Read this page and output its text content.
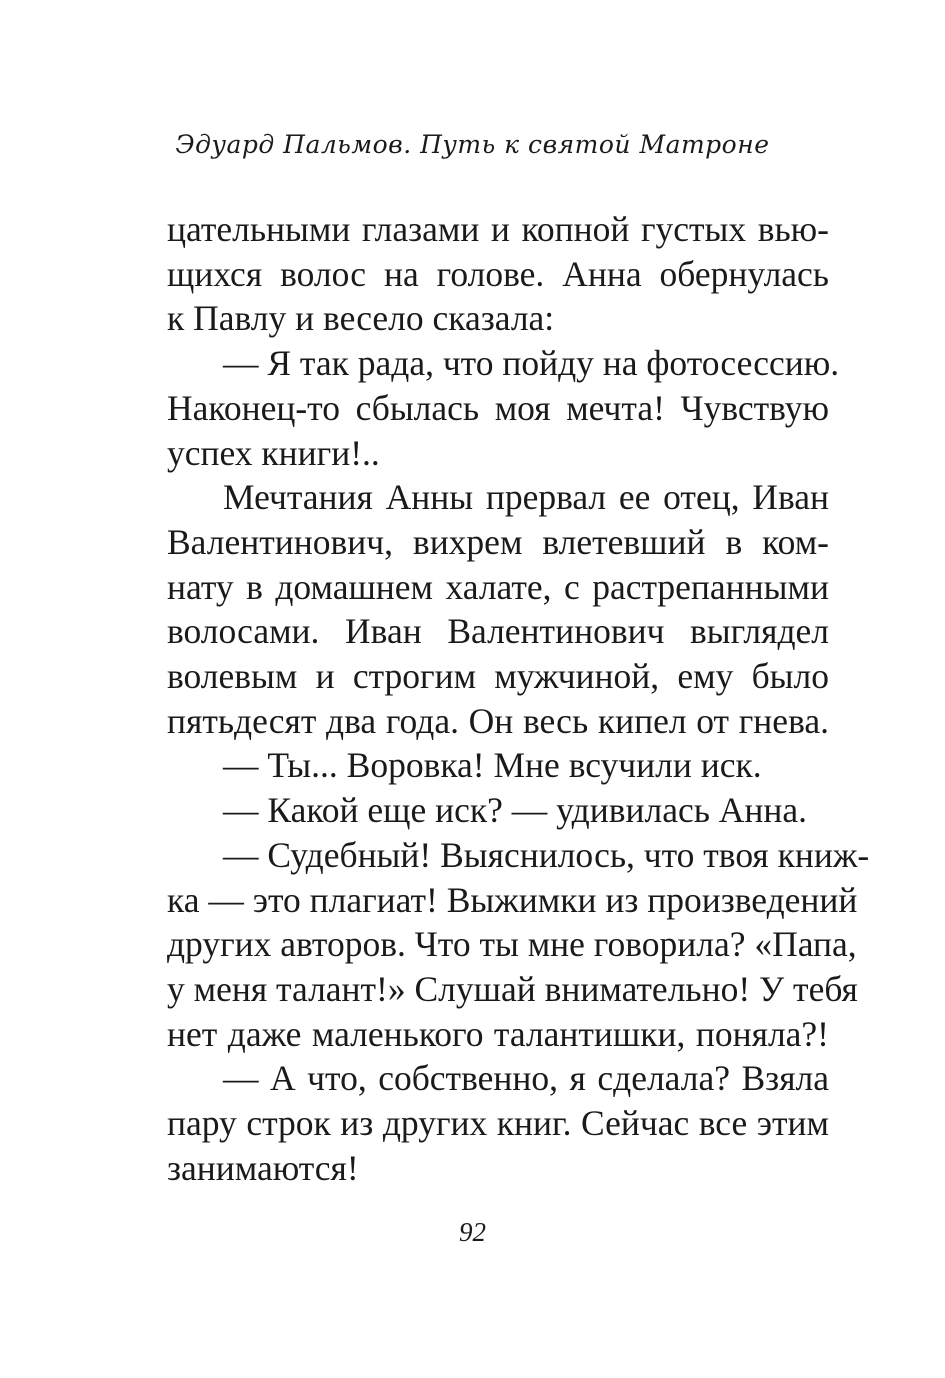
Эдуард Пальмов. Путь к святой Матроне
цательными глазами и копной густых вью-
щихся волос на голове. Анна обернулась
к Павлу и весело сказала:
— Я так рада, что пойду на фотосессию.
Наконец-то сбылась моя мечта! Чувствую
успех книги!..
Мечтания Анны прервал ее отец, Иван
Валентинович, вихрем влетевший в ком-
нату в домашнем халате, с растрепанными
волосами. Иван Валентинович выглядел
волевым и строгим мужчиной, ему было
пятьдесят два года. Он весь кипел от гнева.
— Ты... Воровка! Мне всучили иск.
— Какой еще иск? — удивилась Анна.
— Судебный! Выяснилось, что твоя книж-
ка — это плагиат! Выжимки из произведений
других авторов. Что ты мне говорила? «Папа,
у меня талант!» Слушай внимательно! У тебя
нет даже маленького талантишки, поняла?!
— А что, собственно, я сделала? Взяла
пару строк из других книг. Сейчас все этим
занимаются!
92
